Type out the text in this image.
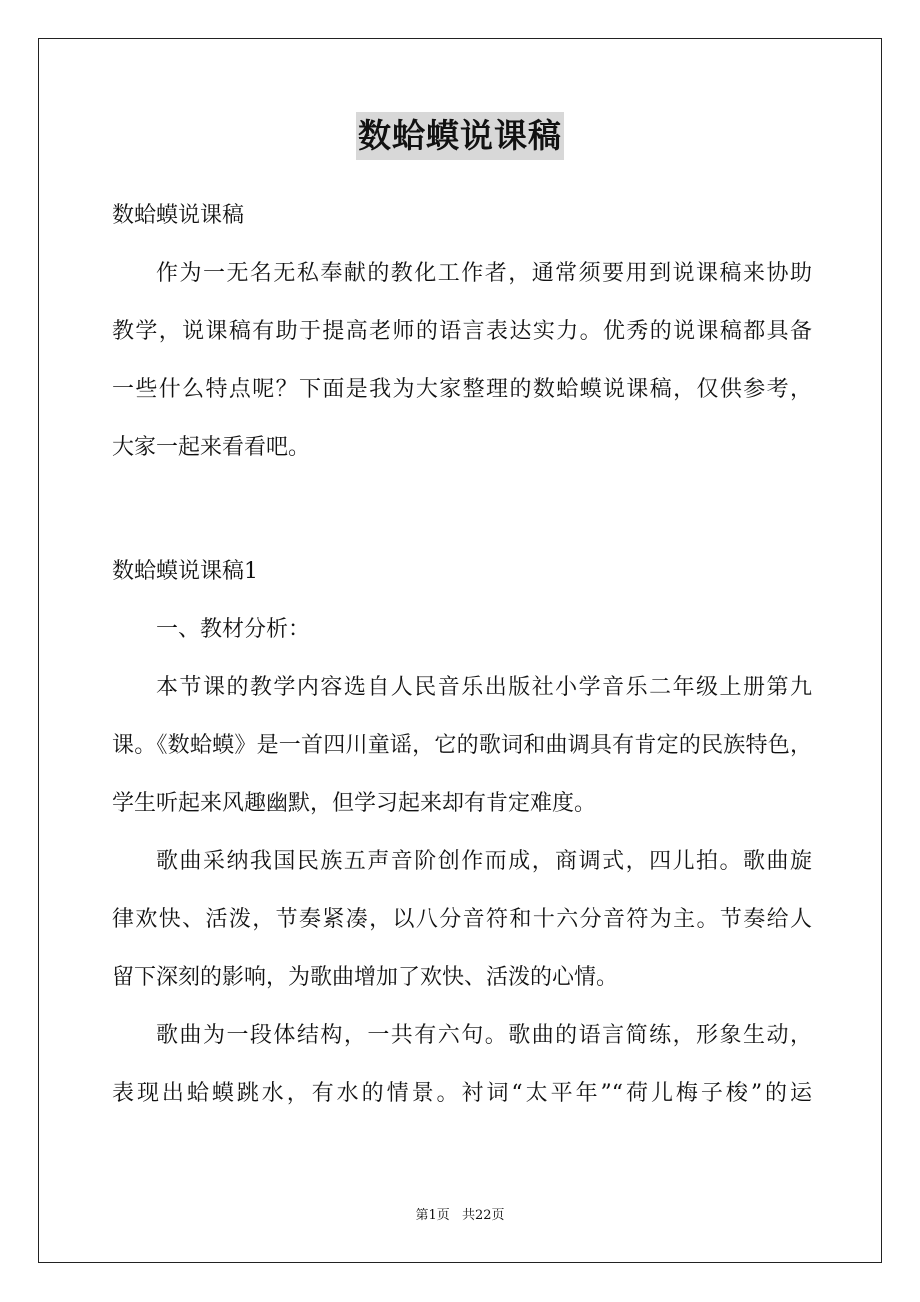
数蛤蟆说课稿
数蛤蟆说课稿
作为一无名无私奉献的教化工作者，通常须要用到说课稿来协助
教学，说课稿有助于提高老师的语言表达实力。优秀的说课稿都具备
一些什么特点呢？下面是我为大家整理的数蛤蟆说课稿，仅供参考，
大家一起来看看吧。
数蛤蟆说课稿1
一、教材分析：
本节课的教学内容选自人民音乐出版社小学音乐二年级上册第九
课。《数蛤蟆》是一首四川童谣，它的歌词和曲调具有肯定的民族特色，
学生听起来风趣幽默，但学习起来却有肯定难度。
歌曲采纳我国民族五声音阶创作而成，商调式，四儿拍。歌曲旋
律欢快、活泼，节奏紧凑，以八分音符和十六分音符为主。节奏给人
留下深刻的影响，为歌曲增加了欢快、活泼的心情。
歌曲为一段体结构，一共有六句。歌曲的语言简练，形象生动，
表现出蛤蟆跳水，有水的情景。衬词“太平年”“荷儿梅子梭”的运
第1页 共22页
